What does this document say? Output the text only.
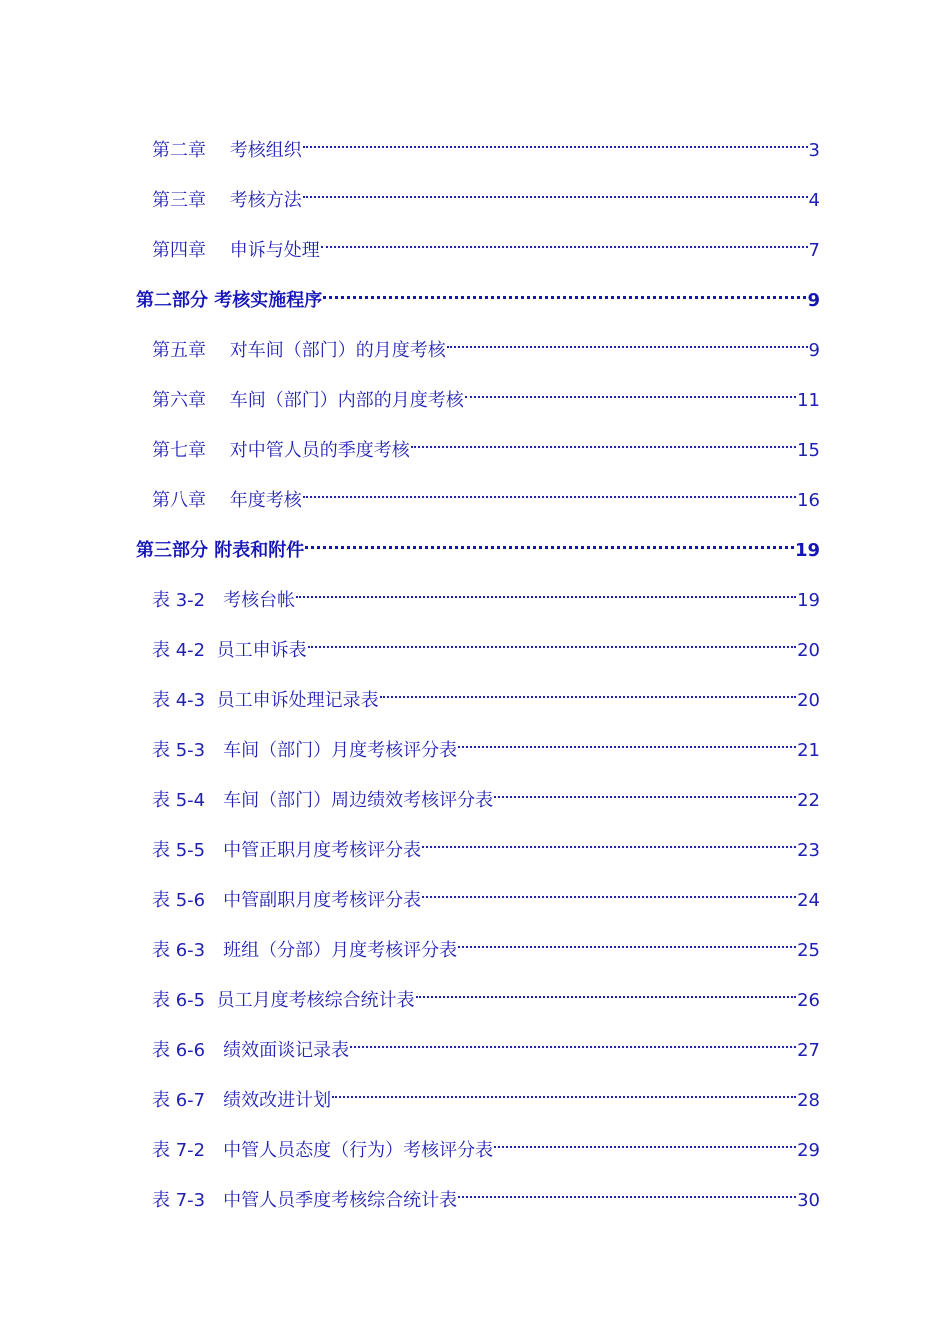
第二章　 考核组织	3
第三章　 考核方法	4
第四章　 申诉与处理	7
第二部分 考核实施程序	9
第五章　 对车间（部门）的月度考核	9
第六章　 车间（部门）内部的月度考核	11
第七章　 对中管人员的季度考核	15
第八章　 年度考核	16
第三部分 附表和附件	19
表 3-2　考核台帐	19
表 4-2  员工申诉表	20
表 4-3  员工申诉处理记录表	20
表 5-3　车间（部门）月度考核评分表	21
表 5-4　车间（部门）周边绩效考核评分表	22
表 5-5　中管正职月度考核评分表	23
表 5-6　中管副职月度考核评分表	24
表 6-3　班组（分部）月度考核评分表	25
表 6-5  员工月度考核综合统计表	26
表 6-6　绩效面谈记录表	27
表 6-7　绩效改进计划	28
表 7-2　中管人员态度（行为）考核评分表	29
表 7-3　中管人员季度考核综合统计表	30
